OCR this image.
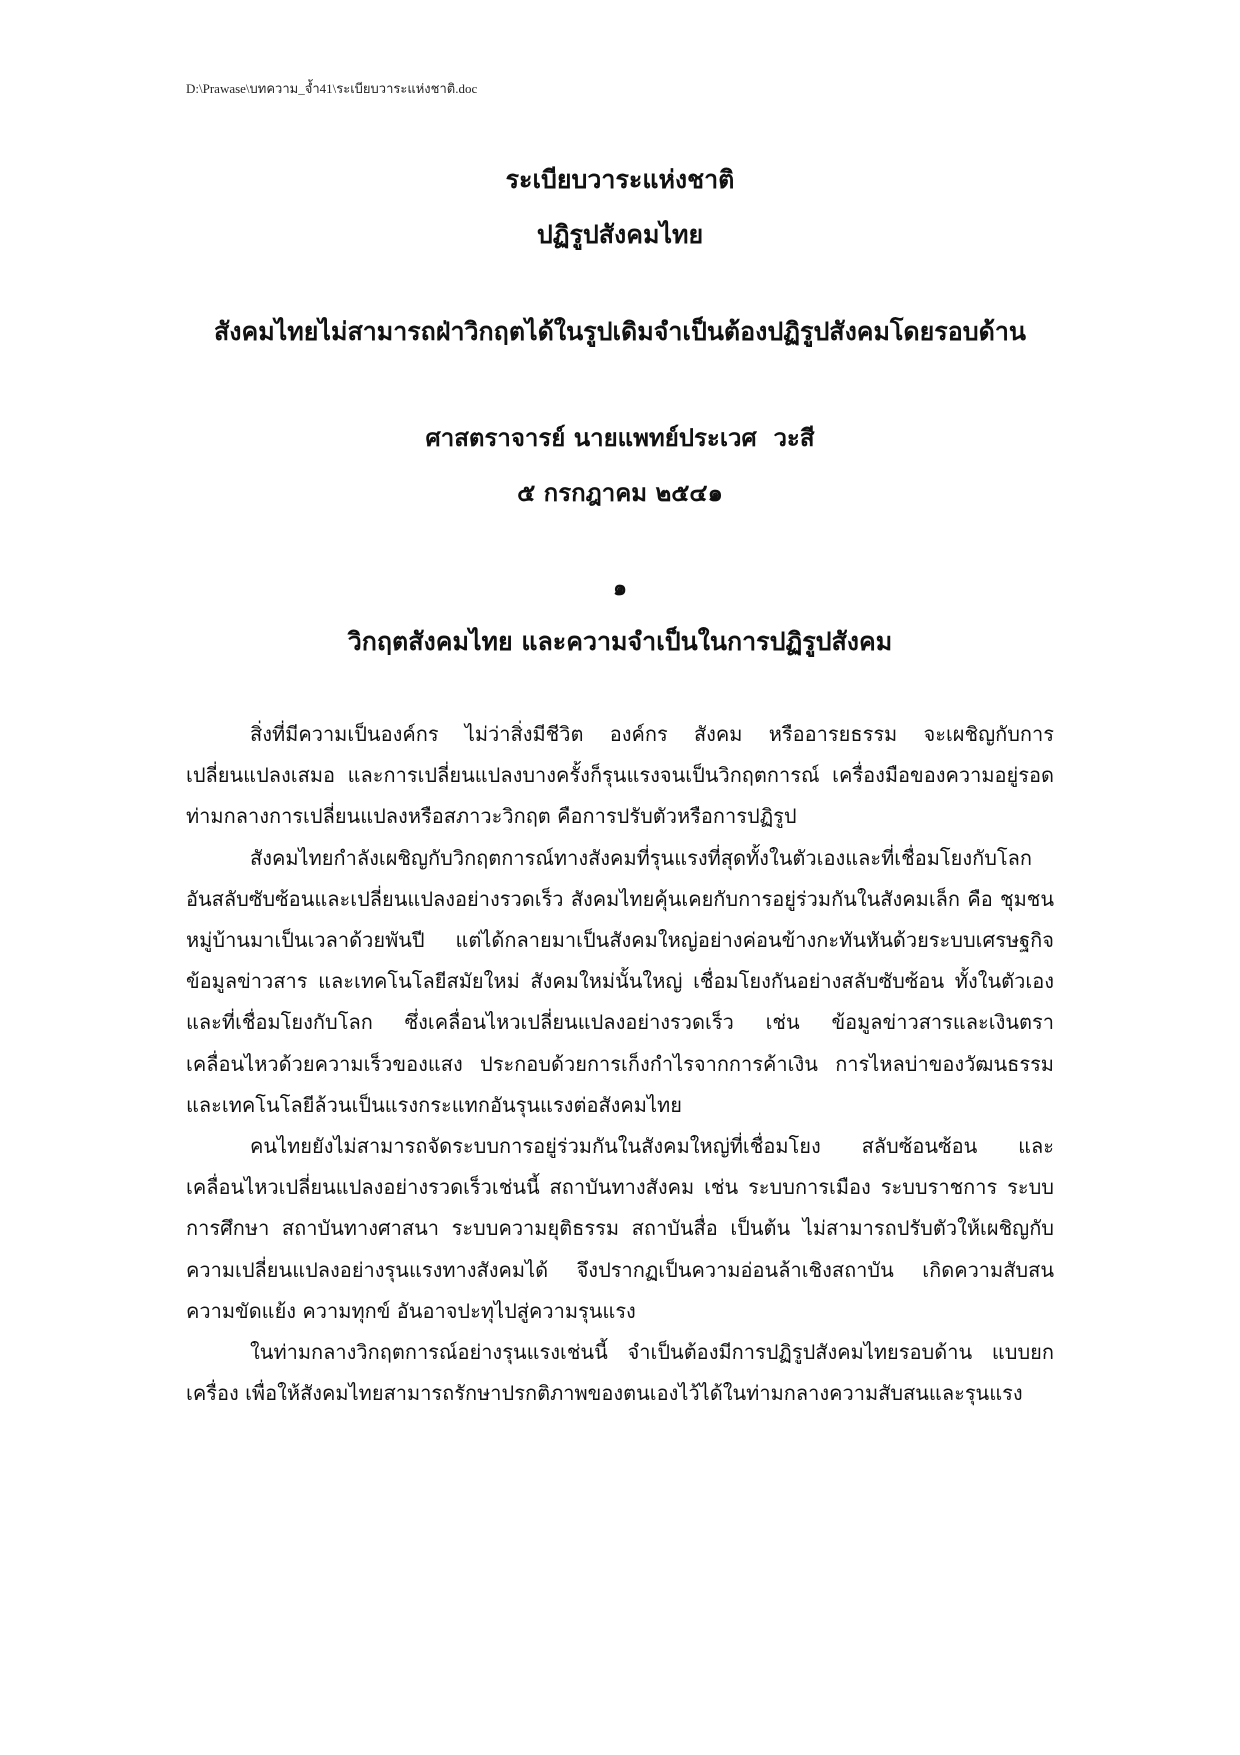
D:\Prawase\บทความ_จ้ำ41\ระเบียบวาระแห่งชาติ.doc
ระเบียบวาระแห่งชาติ
ปฏิรูปสังคมไทย
สังคมไทยไม่สามารถฝ่าวิกฤตได้ในรูปเดิมจำเป็นต้องปฏิรูปสังคมโดยรอบด้าน
ศาสตราจารย์ นายแพทย์ประเวศ  วะสี
๕ กรกฎาคม ๒๕๔๑
๑
วิกฤตสังคมไทย และความจำเป็นในการปฏิรูปสังคม

สิ่งที่มีความเป็นองค์กร ไม่ว่าสิ่งมีชีวิต องค์กร สังคม หรืออารยธรรม จะเผชิญกับการเปลี่ยนแปลงเสมอ และการเปลี่ยนแปลงบางครั้งก็รุนแรงจนเป็นวิกฤตการณ์ เครื่องมือของความอยู่รอดท่ามกลางการเปลี่ยนแปลงหรือสภาวะวิกฤต คือการปรับตัวหรือการปฏิรูป

สังคมไทยกำลังเผชิญกับวิกฤตการณ์ทางสังคมที่รุนแรงที่สุดทั้งในตัวเองและที่เชื่อมโยงกับโลกอันสลับซับซ้อนและเปลี่ยนแปลงอย่างรวดเร็ว สังคมไทยคุ้นเคยกับการอยู่ร่วมกันในสังคมเล็ก คือ ชุมชนหมู่บ้านมาเป็นเวลาด้วยพันปี แต่ได้กลายมาเป็นสังคมใหญ่อย่างค่อนข้างกะทันหันด้วยระบบเศรษฐกิจ ข้อมูลข่าวสาร และเทคโนโลยีสมัยใหม่ สังคมใหม่นั้นใหญ่ เชื่อมโยงกันอย่างสลับซับซ้อน ทั้งในตัวเองและที่เชื่อมโยงกับโลก ซึ่งเคลื่อนไหวเปลี่ยนแปลงอย่างรวดเร็ว เช่น ข้อมูลข่าวสารและเงินตราเคลื่อนไหวด้วยความเร็วของแสง ประกอบด้วยการเก็งกำไรจากการค้าเงิน การไหลบ่าของวัฒนธรรมและเทคโนโลยีล้วนเป็นแรงกระแทกอันรุนแรงต่อสังคมไทย

คนไทยยังไม่สามารถจัดระบบการอยู่ร่วมกันในสังคมใหญ่ที่เชื่อมโยง สลับซ้อนซ้อน และเคลื่อนไหวเปลี่ยนแปลงอย่างรวดเร็วเช่นนี้ สถาบันทางสังคม เช่น ระบบการเมือง ระบบราชการ ระบบการศึกษา สถาบันทางศาสนา ระบบความยุติธรรม สถาบันสื่อ เป็นต้น ไม่สามารถปรับตัวให้เผชิญกับความเปลี่ยนแปลงอย่างรุนแรงทางสังคมได้ จึงปรากฏเป็นความอ่อนล้าเชิงสถาบัน เกิดความสับสน ความขัดแย้ง ความทุกข์ อันอาจปะทุไปสู่ความรุนแรง

ในท่ามกลางวิกฤตการณ์อย่างรุนแรงเช่นนี้ จำเป็นต้องมีการปฏิรูปสังคมไทยรอบด้าน แบบยกเครื่อง เพื่อให้สังคมไทยสามารถรักษาปรกติภาพของตนเองไว้ได้ในท่ามกลางความสับสนและรุนแรง
